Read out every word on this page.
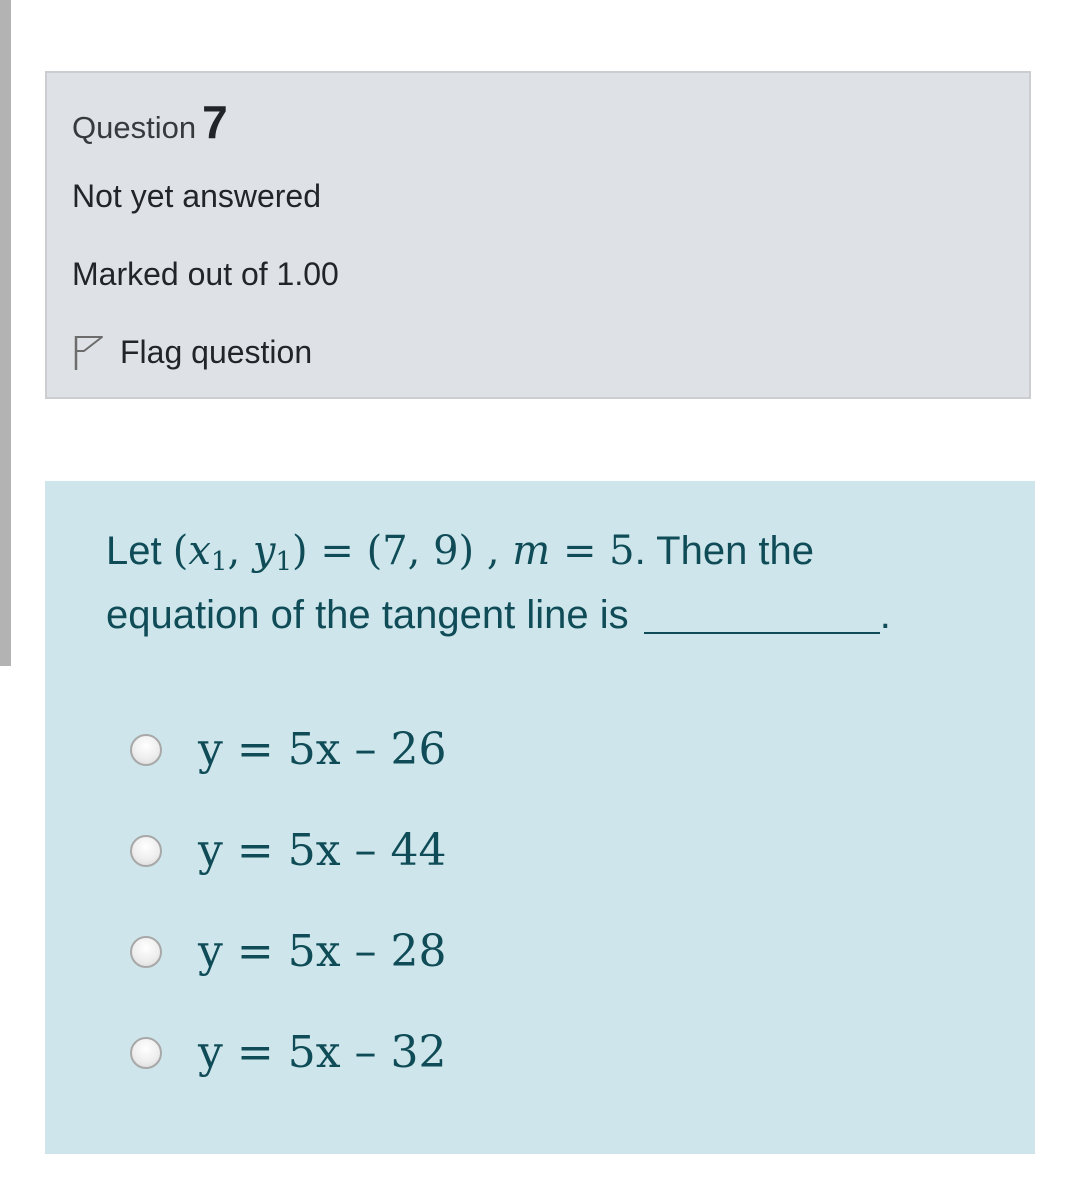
Question 7
Not yet answered
Marked out of 1.00
Flag question
Let ($x_1$, $y_1) = (7$, 9) , m = 5. Then the
equation of the tangent line is	.
y = 5x – 26
y = 5x – 44
y = 5x – 28
y = 5x – 32
